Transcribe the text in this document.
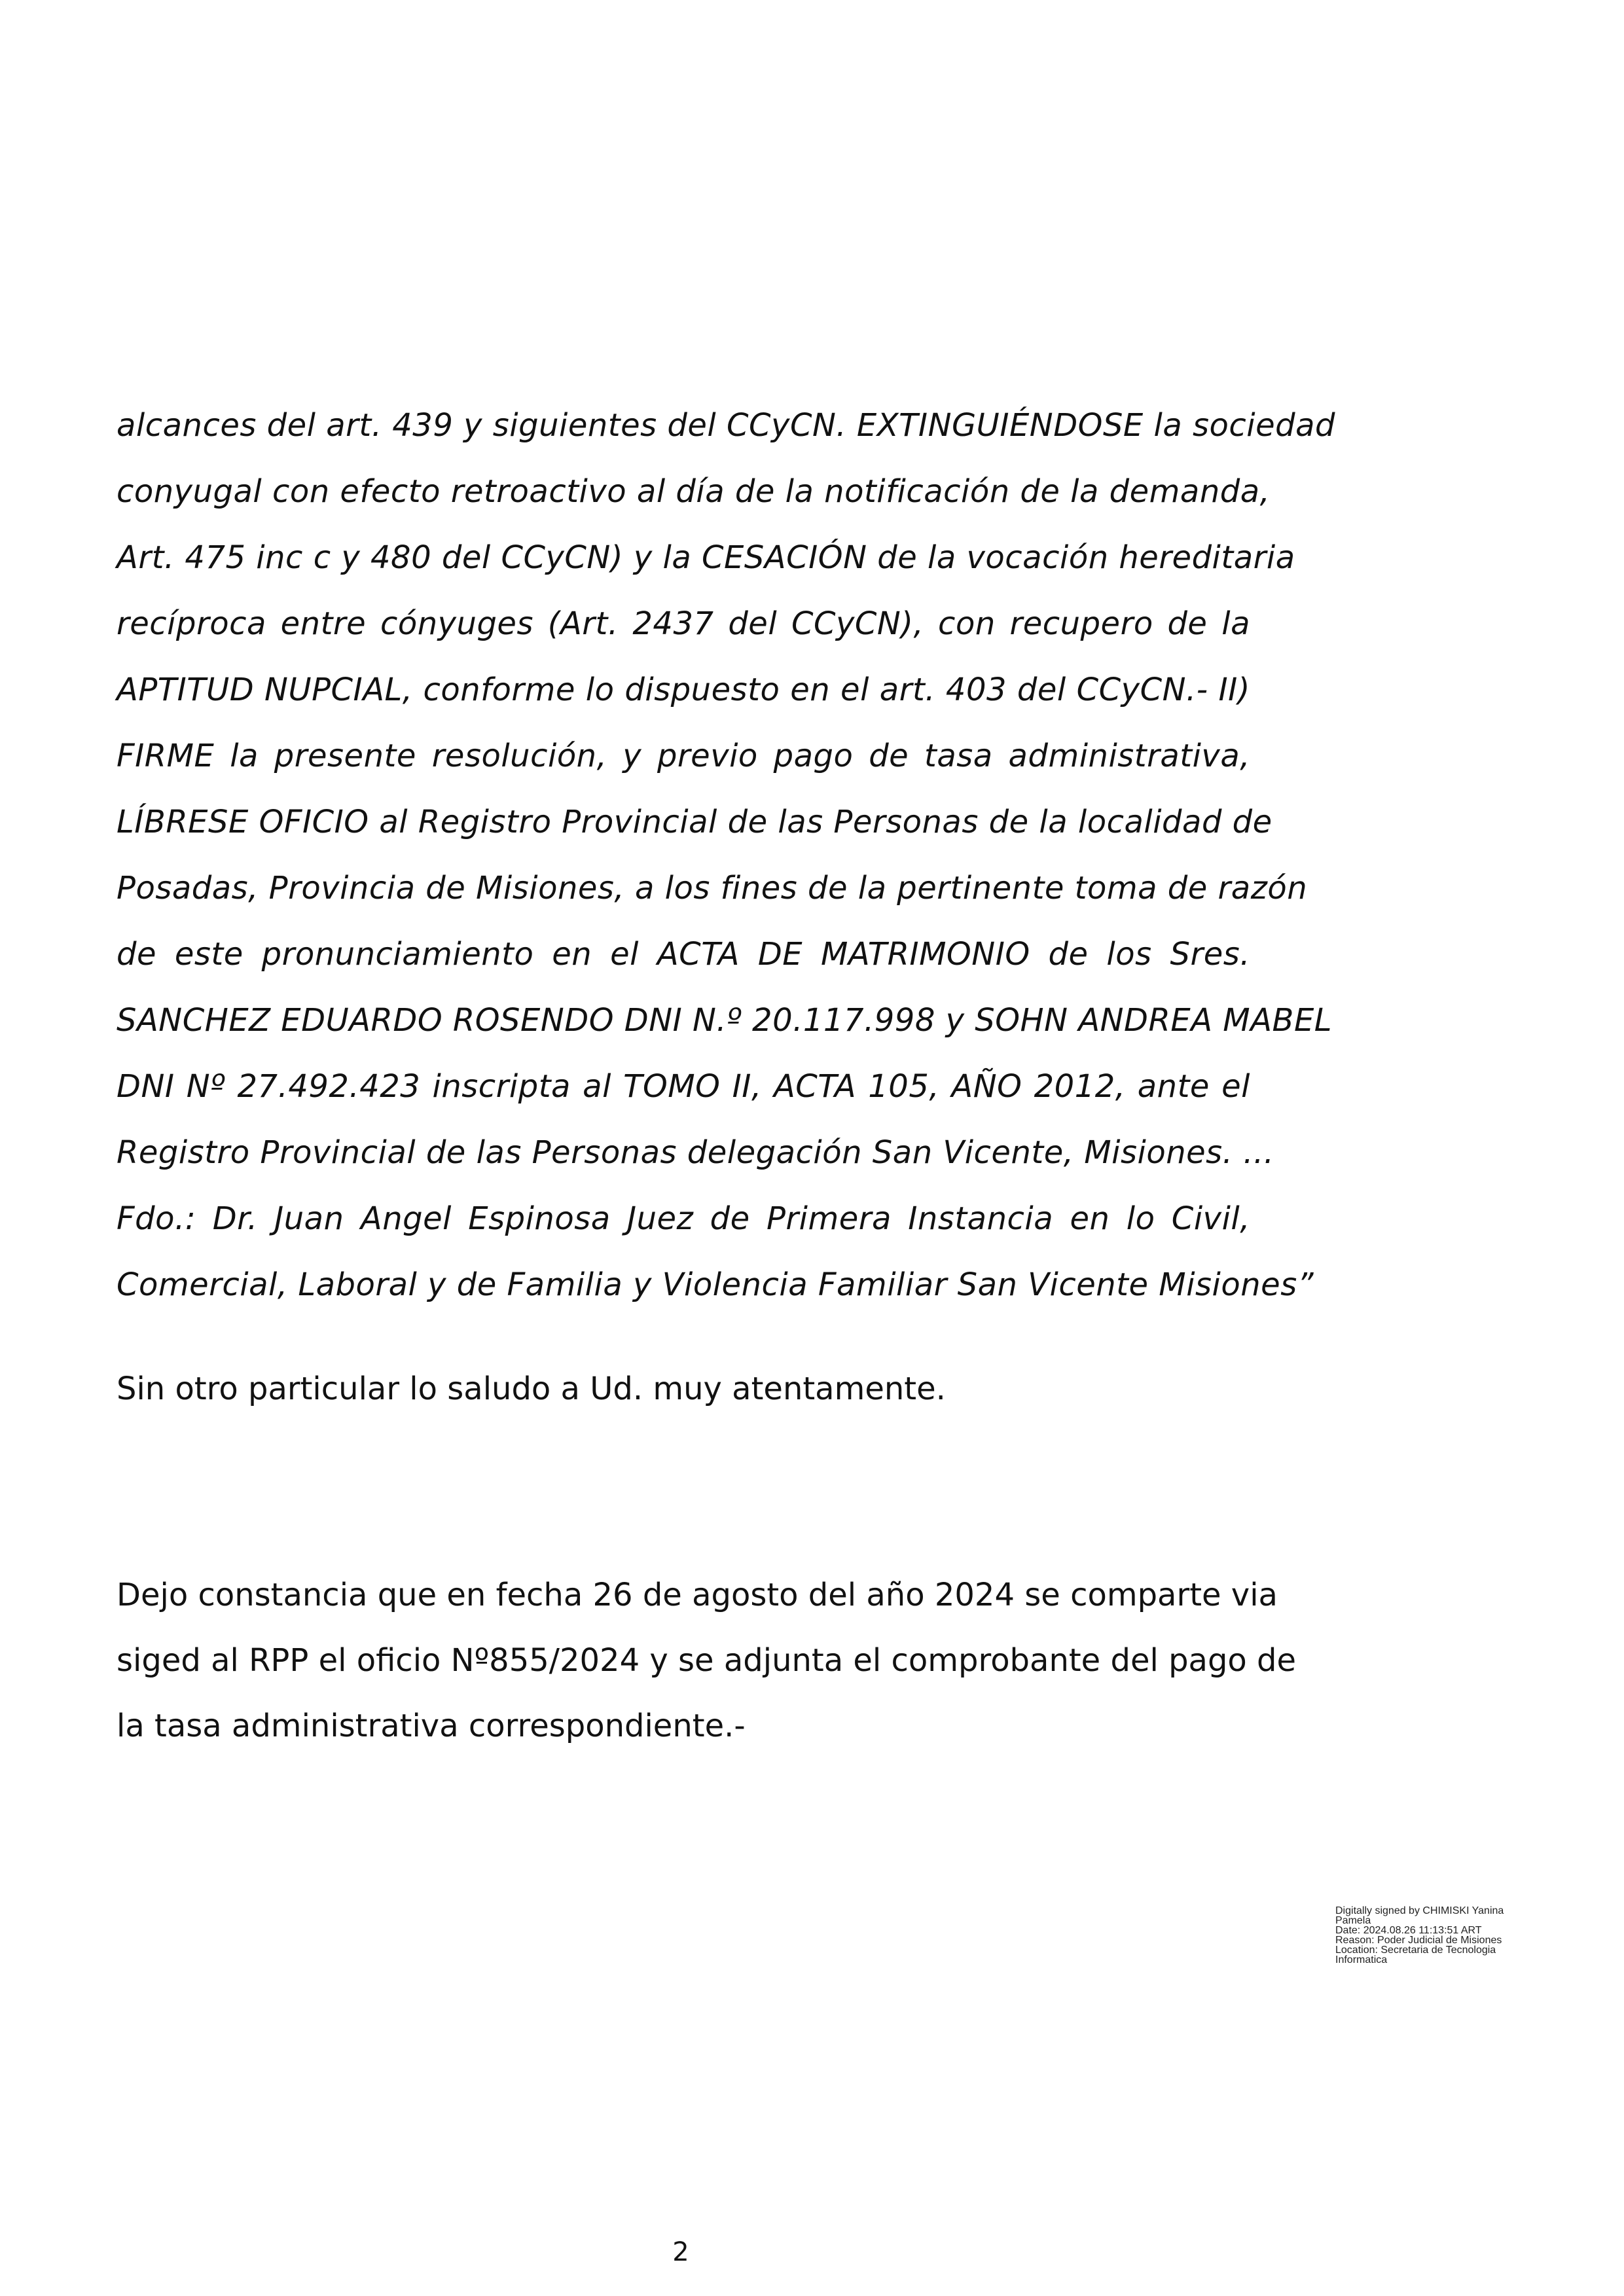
alcances del art. 439 y siguientes del CCyCN. EXTINGUIÉNDOSE la sociedad
conyugal con efecto retroactivo al día de la notificación de la demanda,
Art. 475 inc c y 480 del CCyCN) y la CESACIÓN de la vocación hereditaria
recíproca entre cónyuges (Art. 2437 del CCyCN), con recupero de la
APTITUD NUPCIAL, conforme lo dispuesto en el art. 403 del CCyCN.- II)
FIRME la presente resolución, y previo pago de tasa administrativa,
LÍBRESE OFICIO al Registro Provincial de las Personas de la localidad de
Posadas, Provincia de Misiones, a los fines de la pertinente toma de razón
de este pronunciamiento en el ACTA DE MATRIMONIO de los Sres.
SANCHEZ EDUARDO ROSENDO DNI N.º 20.117.998 y SOHN ANDREA MABEL
DNI Nº 27.492.423 inscripta al TOMO II, ACTA 105, AÑO 2012, ante el
Registro Provincial de las Personas delegación San Vicente, Misiones. ...
Fdo.: Dr. Juan Angel Espinosa Juez de Primera Instancia en lo Civil,
Comercial, Laboral y de Familia y Violencia Familiar San Vicente Misiones”
Sin otro particular lo saludo a Ud. muy atentamente.
Dejo constancia que en fecha 26 de agosto del año 2024 se comparte via
siged al RPP el oficio Nº855/2024 y se adjunta el comprobante del pago de
la tasa administrativa correspondiente.-
Digitally signed by CHIMISKI Yanina
Pamela
Date: 2024.08.26 11:13:51 ART
Reason: Poder Judicial de Misiones
Location: Secretaria de Tecnologia
Informatica
2
